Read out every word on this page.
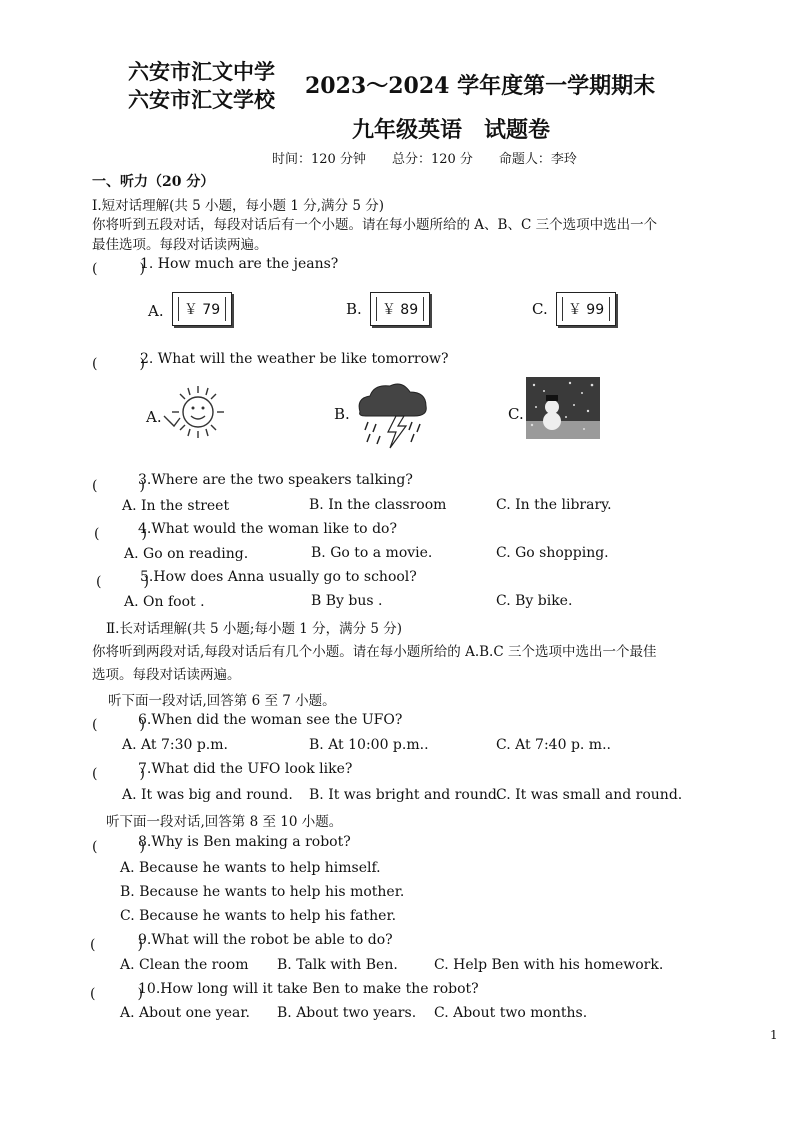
六安市汇文中学
六安市汇文学校
2023～2024 学年度第一学期期末
九年级英语　试题卷
时间：120 分钟　　总分：120 分　　命题人：李玲
一、听力（20 分）
Ⅰ.短对话理解(共 5 小题，每小题 1 分,满分 5 分)
你将听到五段对话，每段对话后有一个小题。请在每小题所给的 A、B、C 三个选项中选出一个
最佳选项。每段对话读两遍。
(　　　)
1. How much are the jeans?
A.	￥ 79	B.	￥ 89	C.	￥ 99
(　　　)
2. What will the weather be like tomorrow?
A.	B.	C.
(　　　)
3.Where are the two speakers talking?
A. In the street	B. In the classroom	C. In the library.
(　　　)
4.What would the woman like to do?
A. Go on reading.	B. Go to a movie.	C. Go shopping.
(　　　)
5.How does Anna usually go to school?
A. On foot .	B By bus .	C. By bike.
Ⅱ.长对话理解(共 5 小题;每小题 1 分，满分 5 分)
你将听到两段对话,每段对话后有几个小题。请在每小题所给的 A.B.C 三个选项中选出一个最佳
选项。每段对话读两遍。
听下面一段对话,回答第 6 至 7 小题。
(　　　)
6.When did the woman see the UFO?
A. At 7:30 p.m.	B. At 10:00 p.m..	C. At 7:40 p. m..
(　　　)
7.What did the UFO look like?
A. It was big and round. B. It was bright and round.
C. It was small and round.
听下面一段对话,回答第 8 至 10 小题。
(　　　)
8.Why is Ben making a robot?
A. Because he wants to help himself.
B. Because he wants to help his mother.
C. Because he wants to help his father.
(　　　)
9.What will the robot be able to do?
A. Clean the room B. Talk with Ben.	C. Help Ben with his homework.
(　　　)
10.How long will it take Ben to make the robot?
A. About one year. B. About two years. C. About two months.
1
